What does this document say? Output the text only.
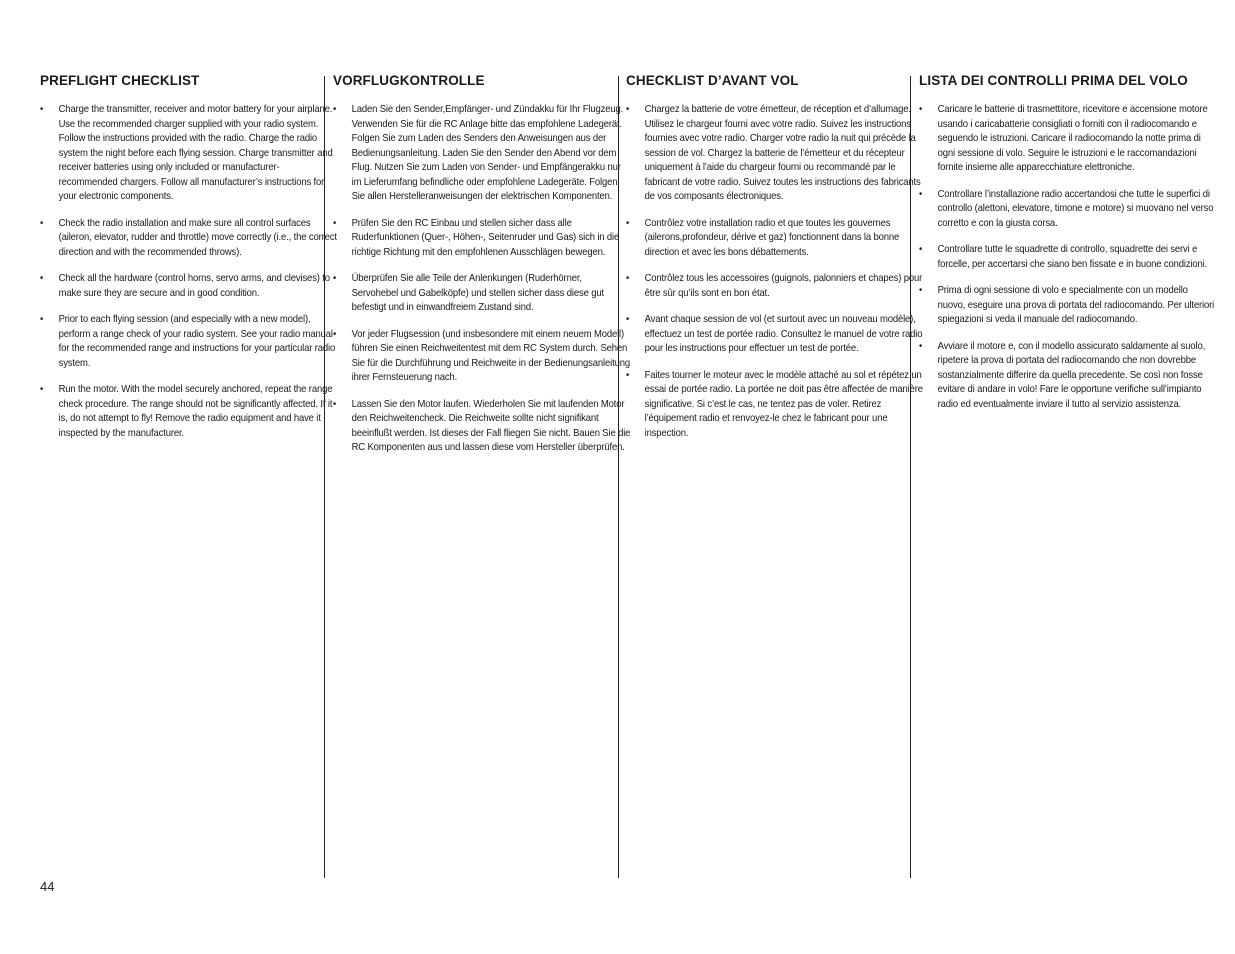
PREFLIGHT CHECKLIST
• Charge the transmitter, receiver and motor battery for your airplane. Use the recommended charger supplied with your radio system. Follow the instructions provided with the radio. Charge the radio system the night before each flying session. Charge transmitter and receiver batteries using only included or manufacturer-recommended chargers. Follow all manufacturer’s instructions for your electronic components.
• Check the radio installation and make sure all control surfaces (aileron, elevator, rudder and throttle) move correctly (i.e., the correct direction and with the recommended throws).
• Check all the hardware (control horns, servo arms, and clevises) to make sure they are secure and in good condition.
• Prior to each flying session (and especially with a new model), perform a range check of your radio system. See your radio manual for the recommended range and instructions for your particular radio system.
• Run the motor. With the model securely anchored, repeat the range check procedure. The range should not be significantly affected. If it is, do not attempt to fly! Remove the radio equipment and have it inspected by the manufacturer.
VORFLUGKONTROLLE
• Laden Sie den Sender,Empfänger- und Zündakku für Ihr Flugzeug. Verwenden Sie für die RC Anlage bitte das empfohlene Ladegerät. Folgen Sie zum Laden des Senders den Anweisungen aus der Bedienungsanleitung. Laden Sie den Sender den Abend vor dem Flug. Nutzen Sie zum Laden von Sender- und Empfängerakku nur im Lieferumfang befindliche oder empfohlene Ladegeräte. Folgen Sie allen Herstelleranweisungen der elektrischen Komponenten.
• Prüfen Sie den RC Einbau und stellen sicher dass alle Ruderfunktionen (Quer-, Höhen-, Seitenruder und Gas) sich in die richtige Richtung mit den empfohlenen Ausschlägen bewegen.
• Überprüfen Sie alle Teile der Anlenkungen (Ruderhörner, Servohebel und Gabelköpfe) und stellen sicher dass diese gut befestigt und in einwandfreiem Zustand sind.
• Vor jeder Flugsession (und insbesondere mit einem neuem Modell) führen Sie einen Reichweitentest mit dem RC System durch. Sehen Sie für die Durchführung und Reichweite in der Bedienungsanleitung ihrer Fernsteuerung nach.
• Lassen Sie den Motor laufen. Wiederholen Sie mit laufenden Motor den Reichweitencheck. Die Reichweite sollte nicht signifikant beeinflußt werden. Ist dieses der Fall fliegen Sie nicht. Bauen Sie die RC Komponenten aus und lassen diese vom Hersteller überprüfen.
CHECKLIST D’AVANT VOL
• Chargez la batterie de votre émetteur, de réception et d’allumage. Utilisez le chargeur fourni avec votre radio. Suivez les instructions fournies avec votre radio. Charger votre radio la nuit qui précède la session de vol. Chargez la batterie de l’émetteur et du récepteur uniquement à l’aide du chargeur fourni ou recommandé par le fabricant de votre radio. Suivez toutes les instructions des fabricants de vos composants électroniques.
• Contrôlez votre installation radio et que toutes les gouvernes (ailerons,profondeur, dérive et gaz) fonctionnent dans la bonne direction et avec les bons débattements.
• Contrôlez tous les accessoires (guignols, palonniers et chapes) pour être sûr qu’ils sont en bon état.
• Avant chaque session de vol (et surtout avec un nouveau modèle), effectuez un test de portée radio. Consultez le manuel de votre radio pour les instructions pour effectuer un test de portée.
• Faites tourner le moteur avec le modèle attaché au sol et répétez un essai de portée radio. La portée ne doit pas être affectée de manière significative. Si c’est le cas, ne tentez pas de voler. Retirez l’équipement radio et renvoyez-le chez le fabricant pour une inspection.
LISTA DEI CONTROLLI PRIMA DEL VOLO
• Caricare le batterie di trasmettitore, ricevitore e accensione motore usando i caricabatterie consigliati o forniti con il radiocomando e seguendo le istruzioni. Caricare il radiocomando la notte prima di ogni sessione di volo. Seguire le istruzioni e le raccomandazioni fornite insieme alle apparecchiature elettroniche.
• Controllare l’installazione radio accertandosi che tutte le superfici di controllo (alettoni, elevatore, timone e motore) si muovano nel verso corretto e con la giusta corsa.
• Controllare tutte le squadrette di controllo, squadrette dei servi e forcelle, per accertarsi che siano ben fissate e in buone condizioni.
• Prima di ogni sessione di volo e specialmente con un modello nuovo, eseguire una prova di portata del radiocomando. Per ulteriori spiegazioni si veda il manuale del radiocomando.
• Avviare il motore e, con il modello assicurato saldamente al suolo, ripetere la prova di portata del radiocomando che non dovrebbe sostanzialmente differire da quella precedente. Se così non fosse evitare di andare in volo! Fare le opportune verifiche sull’impianto radio ed eventualmente inviare il tutto al servizio assistenza.
44
